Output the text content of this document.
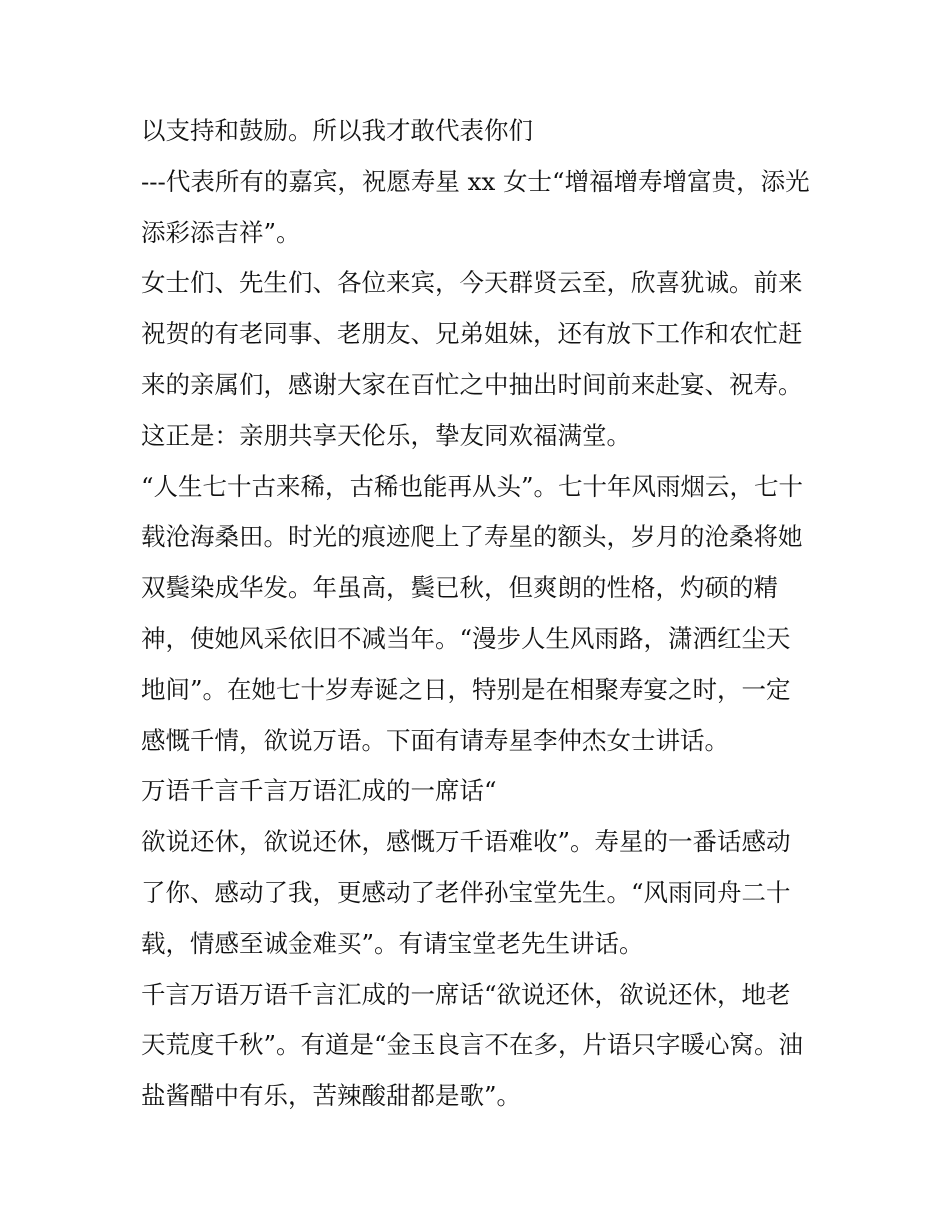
以支持和鼓励。所以我才敢代表你们
---代表所有的嘉宾，祝愿寿星 xx 女士“增福增寿增富贵，添光
添彩添吉祥”。
女士们、先生们、各位来宾，今天群贤云至，欣喜犹诚。前来
祝贺的有老同事、老朋友、兄弟姐妹，还有放下工作和农忙赶
来的亲属们，感谢大家在百忙之中抽出时间前来赴宴、祝寿。
这正是：亲朋共享天伦乐，挚友同欢福满堂。
“人生七十古来稀，古稀也能再从头”。七十年风雨烟云，七十
载沧海桑田。时光的痕迹爬上了寿星的额头，岁月的沧桑将她
双鬓染成华发。年虽高，鬓已秋，但爽朗的性格，灼硕的精
神，使她风采依旧不减当年。“漫步人生风雨路，潇洒红尘天
地间”。在她七十岁寿诞之日，特别是在相聚寿宴之时，一定
感慨千情，欲说万语。下面有请寿星李仲杰女士讲话。
万语千言千言万语汇成的一席话“
欲说还休，欲说还休，感慨万千语难收”。寿星的一番话感动
了你、感动了我，更感动了老伴孙宝堂先生。“风雨同舟二十
载，情感至诚金难买”。有请宝堂老先生讲话。
千言万语万语千言汇成的一席话“欲说还休，欲说还休，地老
天荒度千秋”。有道是“金玉良言不在多，片语只字暖心窝。油
盐酱醋中有乐，苦辣酸甜都是歌”。
